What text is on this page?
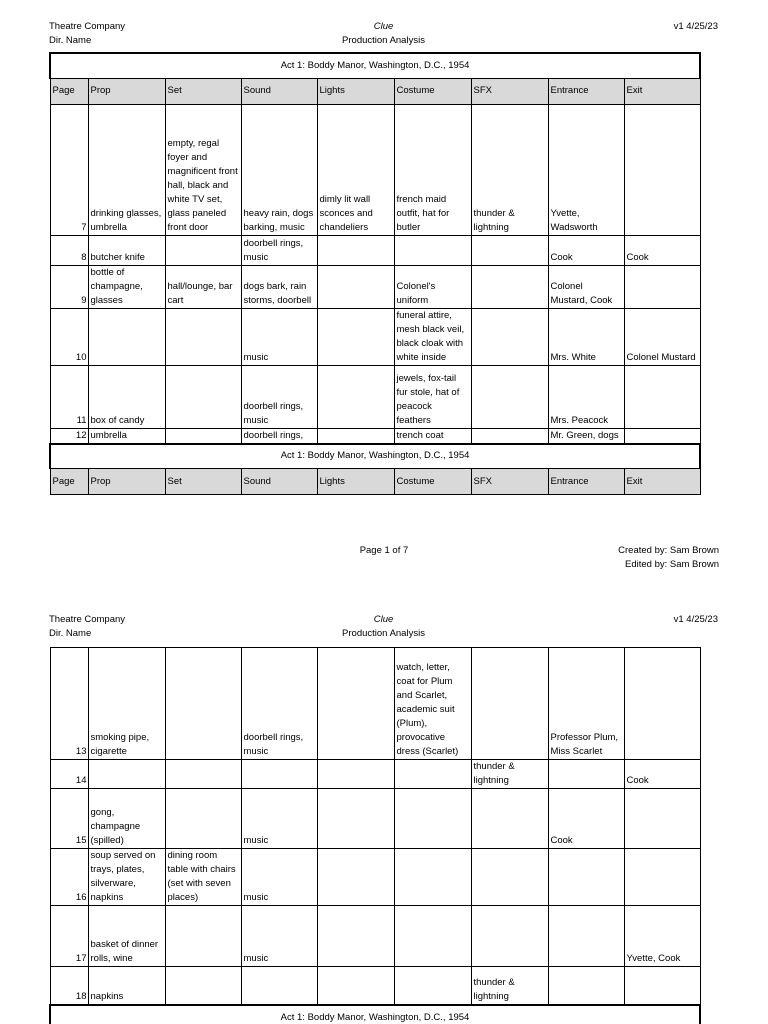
Theatre Company
Dir. Name
Clue
Production Analysis
v1 4/25/23
Act 1: Boddy Manor, Washington, D.C., 1954								
Page	Prop	Set	Sound	Lights	Costume	SFX	Entrance	Exit
7	drinking glasses, umbrella	empty, regal foyer and magnificent front hall, black and white TV set, glass paneled front door	heavy rain, dogs barking, music	dimly lit wall sconces and chandeliers	french maid outfit, hat for butler	thunder & lightning	Yvette, Wadsworth	
8	butcher knife		doorbell rings, music				Cook	Cook
9	bottle of champagne, glasses	hall/lounge, bar cart	dogs bark, rain storms, doorbell		Colonel's uniform		Colonel Mustard, Cook	
10			music		funeral attire, mesh black veil, black cloak with white inside		Mrs. White	Colonel Mustard
11	box of candy		doorbell rings, music		jewels, fox-tail fur stole, hat of peacock feathers		Mrs. Peacock	
12	umbrella		doorbell rings,		trench coat		Mr. Green, dogs	
Act 1: Boddy Manor, Washington, D.C., 1954								
Page	Prop	Set	Sound	Lights	Costume	SFX	Entrance	Exit
Page 1 of 7	Created by: Sam Brown
Edited by: Sam Brown
Theatre Company
Dir. Name
Clue
Production Analysis
v1 4/25/23
13	smoking pipe, cigarette		doorbell rings, music		watch, letter, coat for Plum and Scarlet, academic suit (Plum), provocative dress (Scarlet)		Professor Plum, Miss Scarlet	
14						thunder & lightning		Cook
15	gong, champagne (spilled)		music				Cook	
16	soup served on trays, plates, silverware, napkins	dining room table with chairs (set with seven places)	music					
17	basket of dinner rolls, wine		music					Yvette, Cook
18	napkins					thunder & lightning		
Act 1: Boddy Manor, Washington, D.C., 1954								
